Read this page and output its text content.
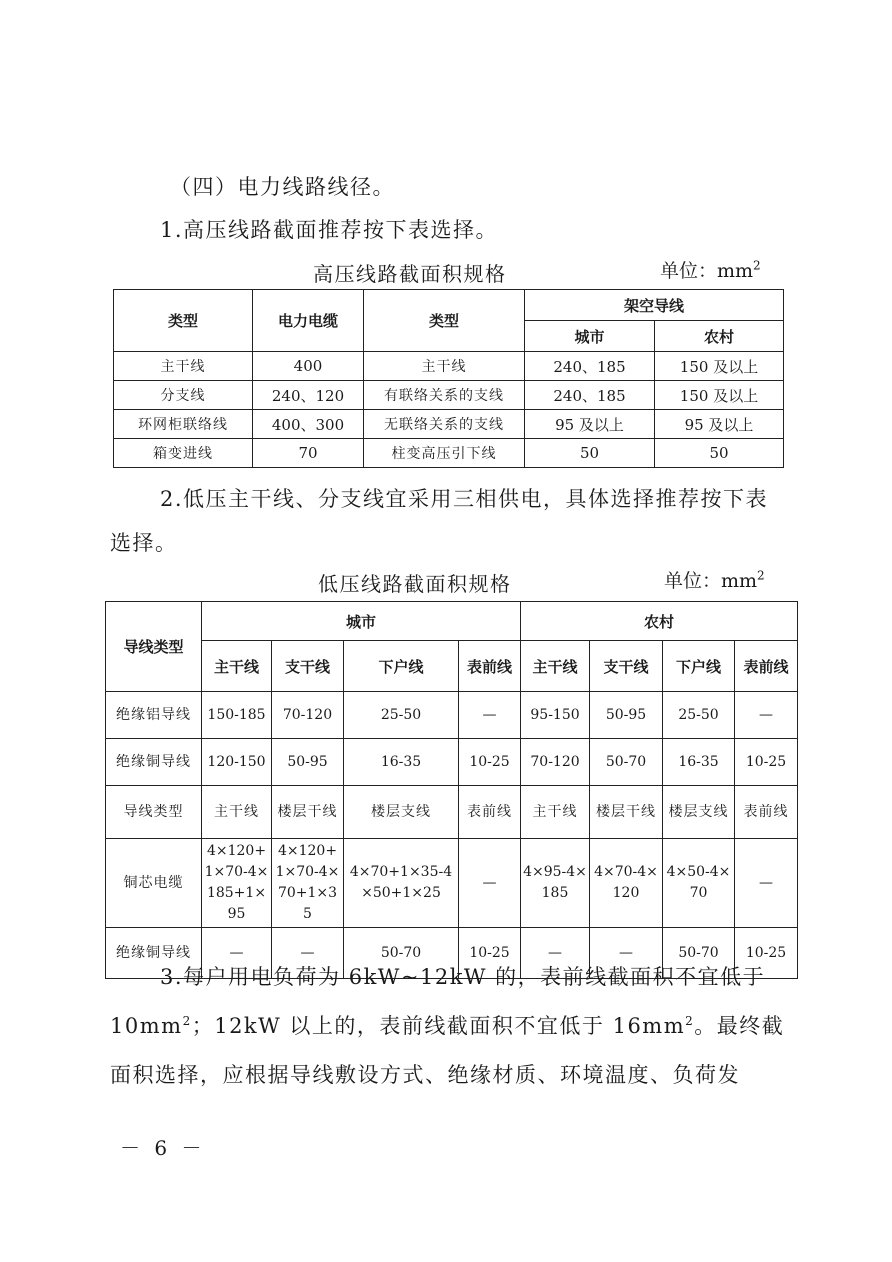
（四）电力线路线径。

1.高压线路截面推荐按下表选择。

高压线路截面积规格	单位：$mm^2$
类型	电力电缆	类型	架空导线	
			城市	农村
主干线	400	主干线	240、185	150 及以上
分支线	240、120	有联络关系的支线	240、185	150 及以上
环网柜联络线	400、300	无联络关系的支线	95 及以上	95 及以上
箱变进线	70	柱变高压引下线	50	50

2.低压主干线、分支线宜采用三相供电，具体选择推荐按下表选择。

低压线路截面积规格	单位：$mm^2$
导线类型	城市				农村			
	主干线	支干线	下户线	表前线	主干线	支干线	下户线	表前线
绝缘铝导线	150-185	70-120	25-50	—	95-150	50-95	25-50	—
绝缘铜导线	120-150	50-95	16-35	10-25	70-120	50-70	16-35	10-25
导线类型	主干线	楼层干线	楼层支线	表前线	主干线	楼层干线	楼层支线	表前线
铜芯电缆	4×120+1×70-4×185+1×95	4×120+1×70-4×70+1×35	4×70+1×35-4×50+1×25	—	4×95-4×185	4×70-4×120	4×50-4×70	—
绝缘铜导线	—	—	50-70	10-25	—	—	50-70	10-25

3.每户用电负荷为 6kW~12kW 的，表前线截面积不宜低于 $10mm^2$；12kW 以上的，表前线截面积不宜低于 $16mm^2$。最终截面积选择，应根据导线敷设方式、绝缘材质、环境温度、负荷发

－ 6 －
